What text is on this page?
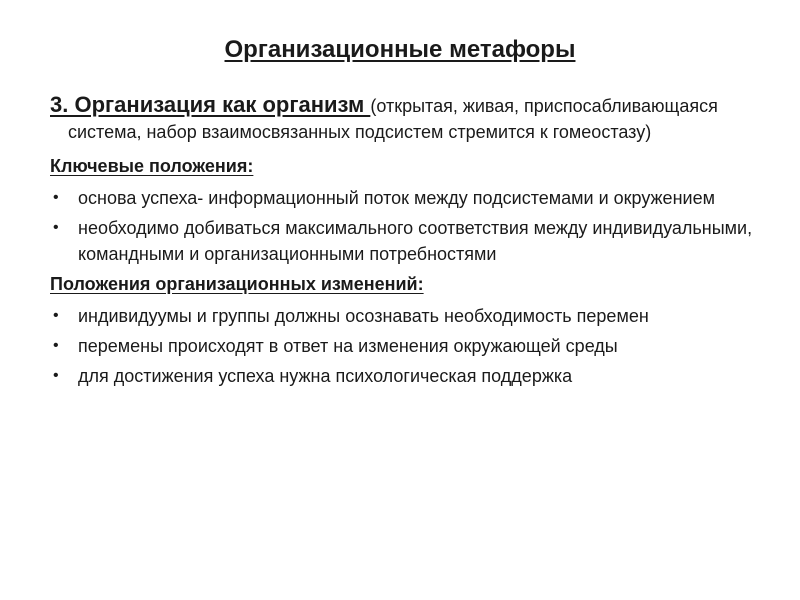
Организационные метафоры

3. Организация как организм (открытая, живая, приспосабливающаяся система, набор взаимосвязанных подсистем стремится к гомеостазу)

Ключевые положения:
• основа успеха- информационный поток между подсистемами и окружением
• необходимо добиваться максимального соответствия между индивидуальными, командными и организационными потребностями
Положения организационных изменений:
• индивидуумы и группы должны осознавать необходимость перемен
• перемены происходят в ответ на изменения окружающей среды
• для достижения успеха нужна психологическая поддержка
